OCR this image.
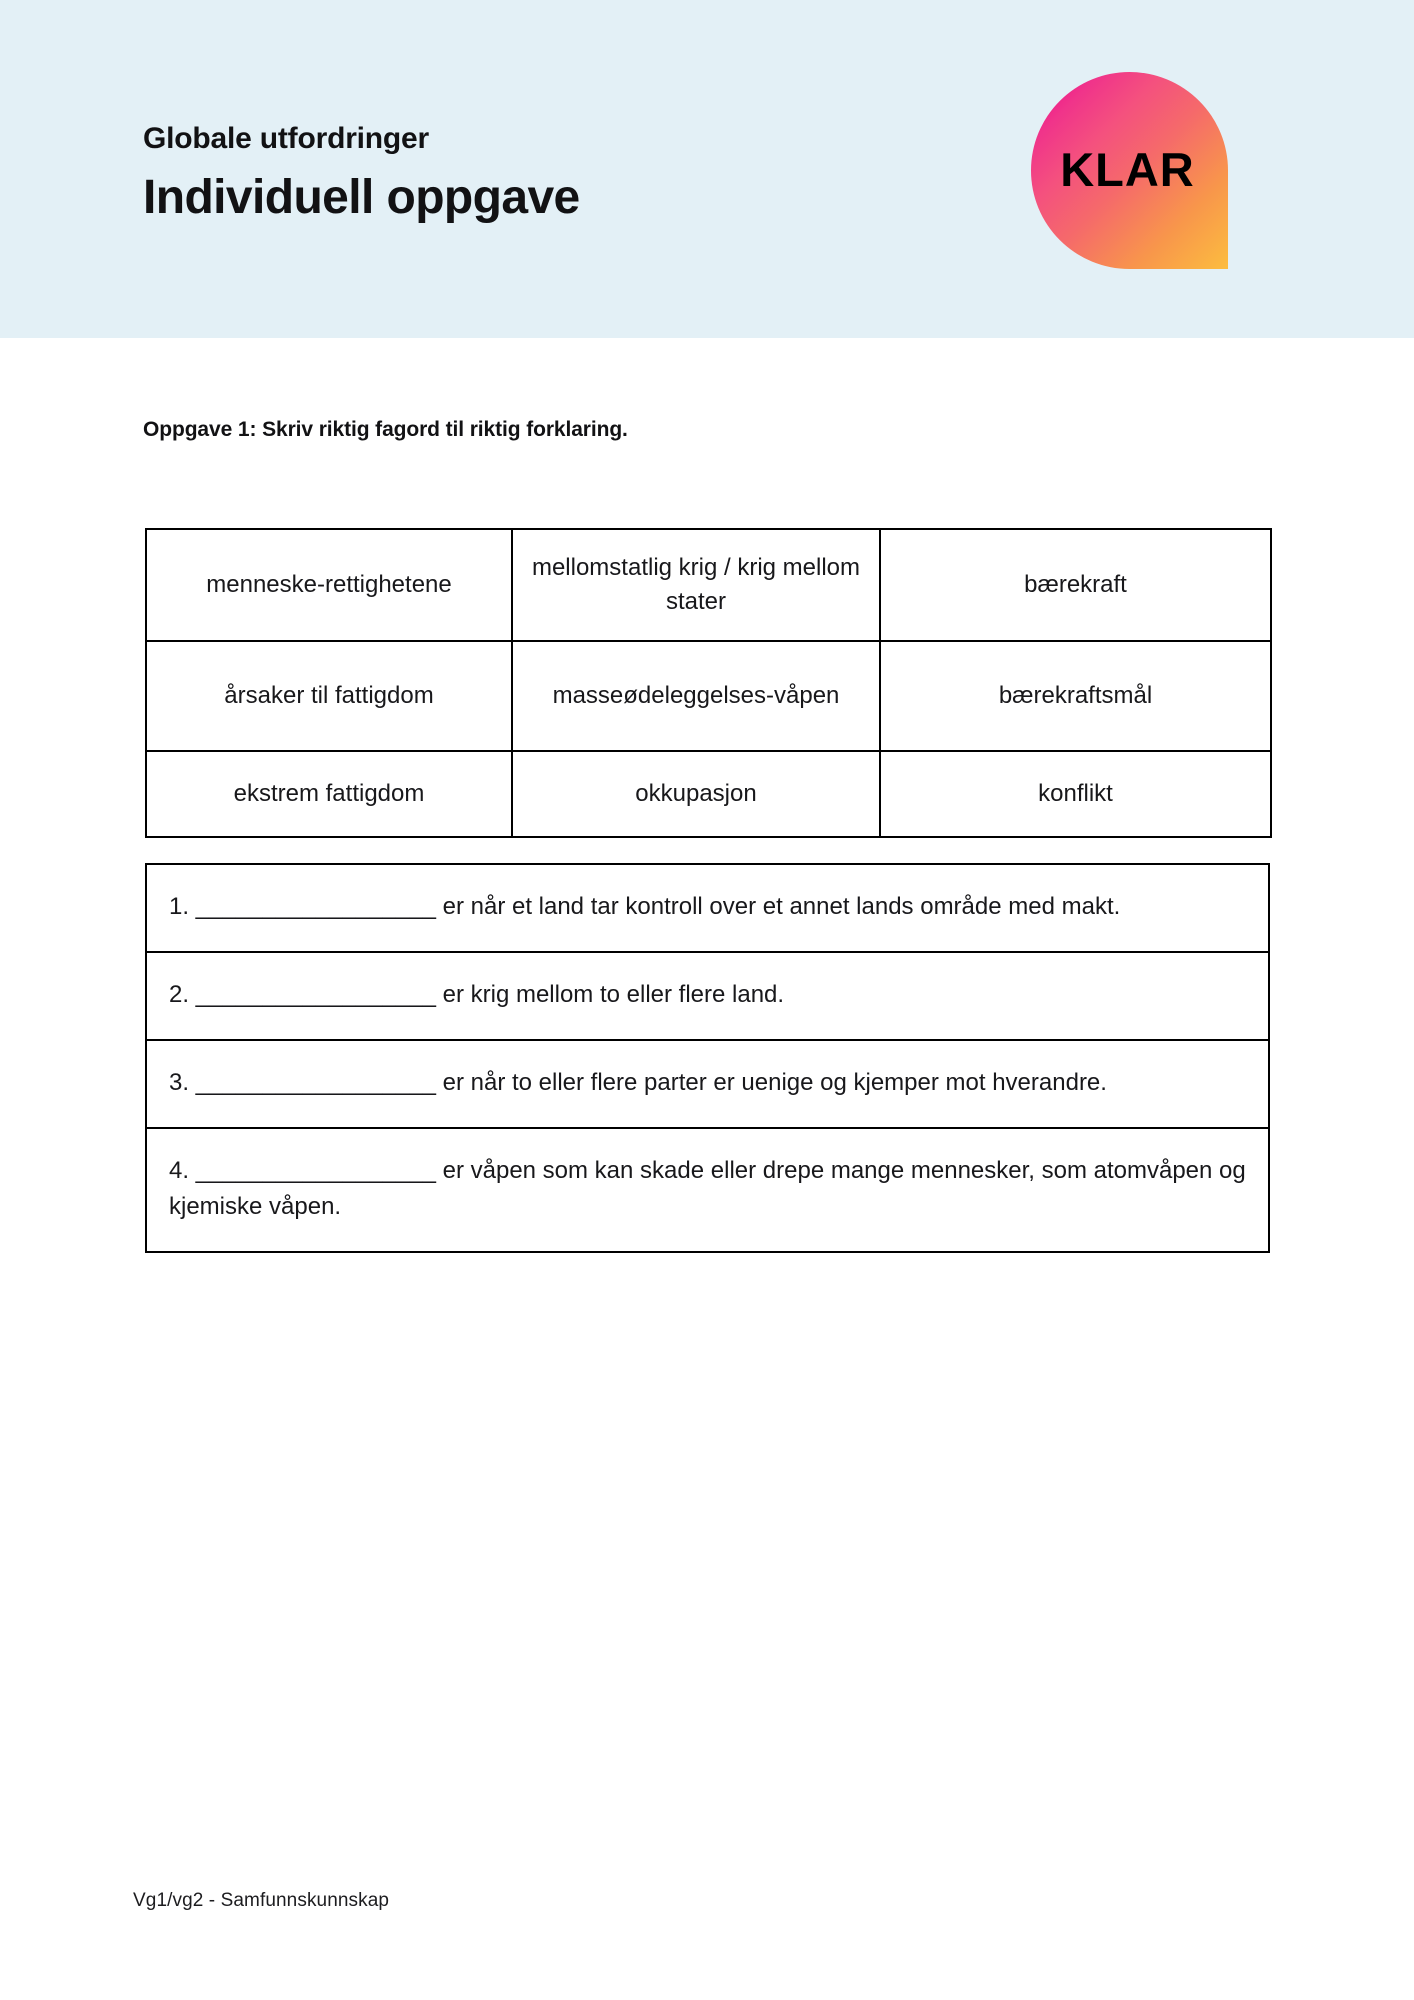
Globale utfordringer
Individuell oppgave
KLAR
Oppgave 1: Skriv riktig fagord til riktig forklaring.
menneske-rettighetene	mellomstatlig krig / krig mellom stater	bærekraft
årsaker til fattigdom	masseødeleggelses-våpen	bærekraftsmål
ekstrem fattigdom	okkupasjon	konflikt
1. __________________ er når et land tar kontroll over et annet lands område med makt.
2. __________________ er krig mellom to eller flere land.
3. __________________ er når to eller flere parter er uenige og kjemper mot hverandre.
4. __________________ er våpen som kan skade eller drepe mange mennesker, som atomvåpen og kjemiske våpen.
Vg1/vg2 - Samfunnskunnskap
